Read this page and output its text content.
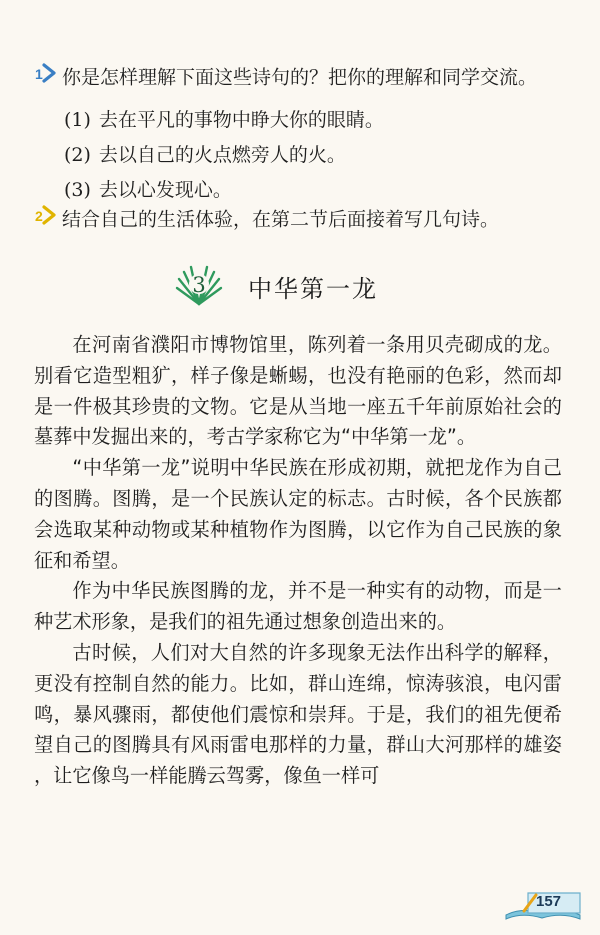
1 你是怎样理解下面这些诗句的？把你的理解和同学交流。
(1) 去在平凡的事物中睁大你的眼睛。
(2) 去以自己的火点燃旁人的火。
(3) 去以心发现心。
2 结合自己的生活体验，在第二节后面接着写几句诗。
3 中华第一龙

在河南省濮阳市博物馆里，陈列着一条用贝壳砌成的龙。别看它造型粗犷，样子像是蜥蜴，也没有艳丽的色彩，然而却是一件极其珍贵的文物。它是从当地一座五千年前原始社会的墓葬中发掘出来的，考古学家称它为“中华第一龙”。

“中华第一龙”说明中华民族在形成初期，就把龙作为自己的图腾。图腾，是一个民族认定的标志。古时候，各个民族都会选取某种动物或某种植物作为图腾，以它作为自己民族的象征和希望。

作为中华民族图腾的龙，并不是一种实有的动物，而是一种艺术形象，是我们的祖先通过想象创造出来的。

古时候，人们对大自然的许多现象无法作出科学的解释，更没有控制自然的能力。比如，群山连绵，惊涛骇浪，电闪雷鸣，暴风骤雨，都使他们震惊和崇拜。于是，我们的祖先便希望自己的图腾具有风雨雷电那样的力量，群山大河那样的雄姿，让它像鸟一样能腾云驾雾，像鱼一样可

157
